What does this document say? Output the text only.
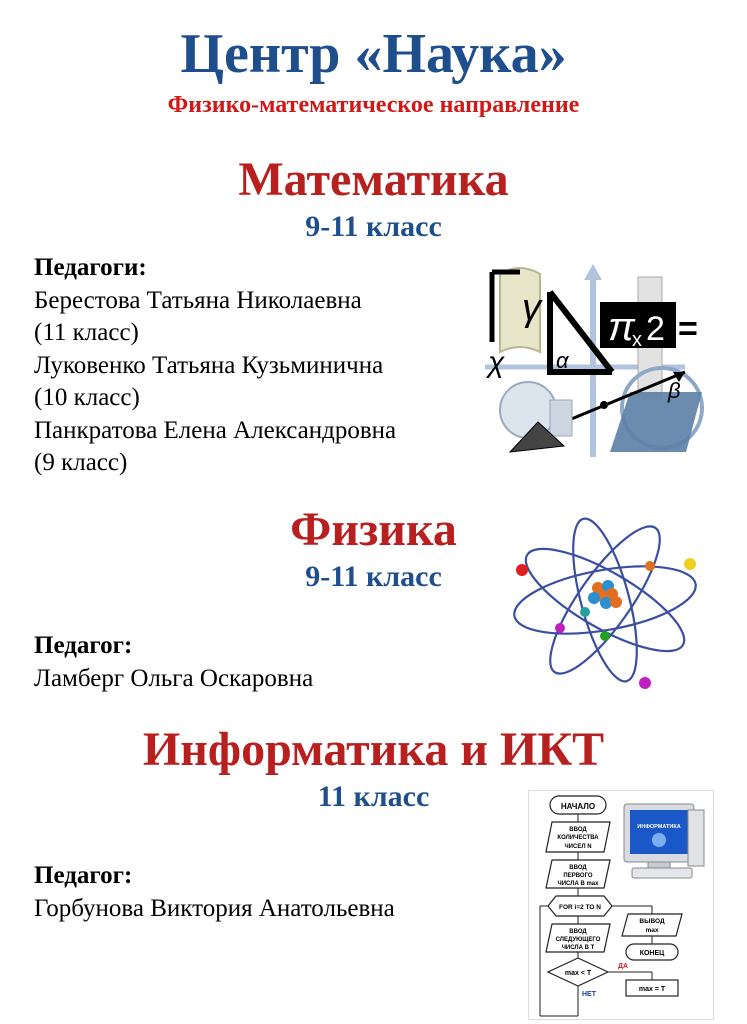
Центр «Наука»
Физико-математическое направление
Математика
9-11 класс
Педагоги:
Берестова Татьяна Николаевна
(11 класс)
Луковенко Татьяна Кузьминична
(10 класс)
Панкратова Елена Александровна
(9 класс)
γ
χ α
π
x 2 =
β
Физика
9-11 класс
Педагог:
Ламберг Ольга Оскаровна
Информатика и ИКТ
11 класс
Педагог:
Горбунова Виктория Анатольевна
НАЧАЛО
ВВОД
КОЛИЧЕСТВА
ЧИСЕЛ N
ВВОД
ПЕРВОГО
ЧИСЛА В max
FOR i=2 TO N
ВВОД
СЛЕДУЮЩЕГО
ЧИСЛА В T
max < T
ДА
НЕТ
ВЫВОД
max
КОНЕЦ
max = T
ИНФОРМАТИКА
